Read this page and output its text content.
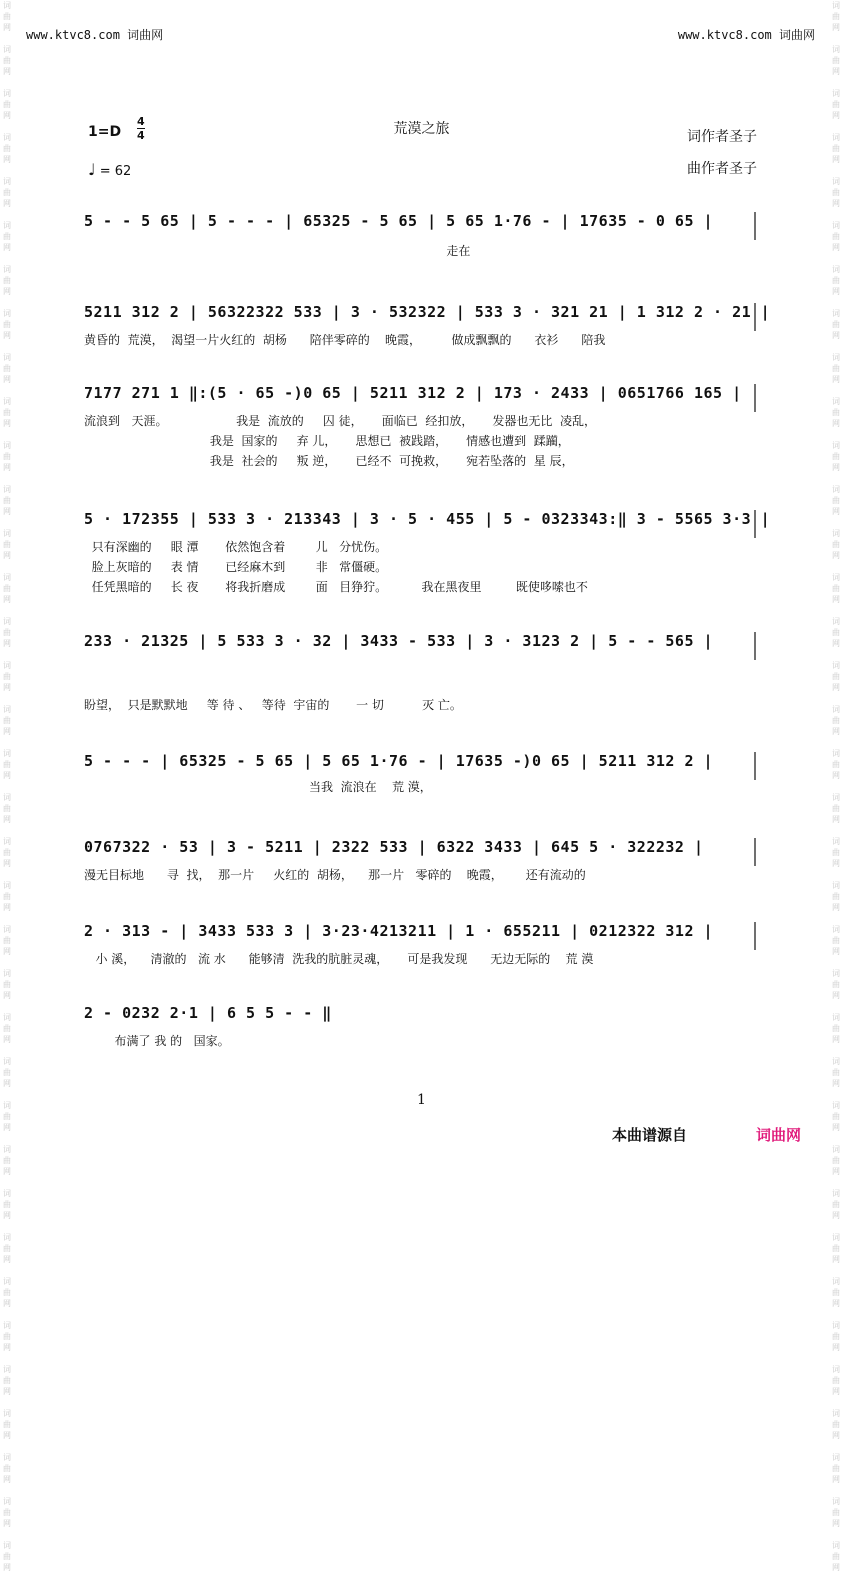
词
曲
网

词
曲
网

词
曲
网

词
曲
网

词
曲
网

词
曲
网

词
曲
网

词
曲
网

词
曲
网

词
曲
网

词
曲
网

词
曲
网

词
曲
网

词
曲
网

词
曲
网

词
曲
网

词
曲
网

词
曲
网

词
曲
网

词
曲
网

词
曲
网

词
曲
网

词
曲
网

词
曲
网

词
曲
网

词
曲
网

词
曲
网

词
曲
网

词
曲
网

词
曲
网

词
曲
网

词
曲
网

词
曲
网

词
曲
网

词
曲
网

词
曲
网

词
曲
网

词
曲
网

词
曲
网

词
曲
网

词
曲
网

词
曲
网

词
曲
网

词
曲
网

词
曲
网

词
曲
网

词
曲
网

词
曲
网

词
曲
网

词
曲
网

词
曲
网

词
曲
网

词
曲
网

词
曲
网

词
曲
网

词
曲
网

词
曲
网

词
曲
网

词
曲
网

词
曲
网

词
曲
网

词
曲
网

词
曲
网

词
曲
网

词
曲
网

词
曲
网

词
曲
网

词
曲
网

词
曲
网

词
曲
网

词
曲
网

词
曲
网

www.ktvc8.com 词曲网	www.ktvc8.com 词曲网
荒漠之旅
$1=D \frac{4}{4}$
♩ = 62
词作者圣子
曲作者圣子
5 - - 5 65 | 5 - - - | 65325 - 5 65 | 5 65 1·76 - | 17635 - 0 65 |
走在
5211 312 2 | 56322322 533 | 3 · 532322 | 533 3 · 321 21 | 1 312 2 · 21 |
黄昏的  荒漠，  渴望一片火红的  胡杨      陪伴零碎的    晚霞，        做成飘飘的      衣衫      陪我
7177 271 1 ‖:(5 · 65 -)0 65 | 5211 312 2 | 173 · 2433 | 0651766 165 |
流浪到   天涯。                  我是  流放的     囚 徒，     面临已  经扣放，     发器也无比  凌乱，
我是  国家的     弃 儿，     思想已  被践踏，     情感也遭到  蹂躏，
我是  社会的     叛 逆，     已经不  可挽救，     宛若坠落的  星 辰，
5 · 172355 | 533 3 · 213343 | 3 · 5 · 455 | 5 - 0323343:‖ 3 - 5565 3·3 |
只有深幽的     眼 潭       依然饱含着        儿   分忧伤。
脸上灰暗的     表 情       已经麻木到        非   常僵硬。
任凭黑暗的     长 夜       将我折磨成        面   目狰狞。         我在黑夜里         既使哆嗦也不
233 · 21325 | 5 533 3 · 32 | 3433 - 533 | 3 · 3123 2 | 5 - - 565 |
盼望，  只是默默地     等 待 、   等待  宇宙的       一 切          灭 亡。
5 - - - | 65325 - 5 65 | 5 65 1·76 - | 17635 -)0 65 | 5211 312 2 |
当我  流浪在    荒 漠，
0767322 · 53 | 3 - 5211 | 2322 533 | 6322 3433 | 645 5 · 322232 |
漫无目标地      寻  找，  那一片     火红的  胡杨，    那一片   零碎的    晚霞，      还有流动的
2 · 313 - | 3433 533 3 | 3·23·4213211 | 1 · 655211 | 0212322 312 |
小 溪，    清澈的   流 水      能够清  洗我的肮脏灵魂，     可是我发现      无边无际的    荒 漠
2 - 0232 2·1 | 6 5 5 - - ‖
布满了 我 的   国家。
1
本曲谱源自	词曲网
